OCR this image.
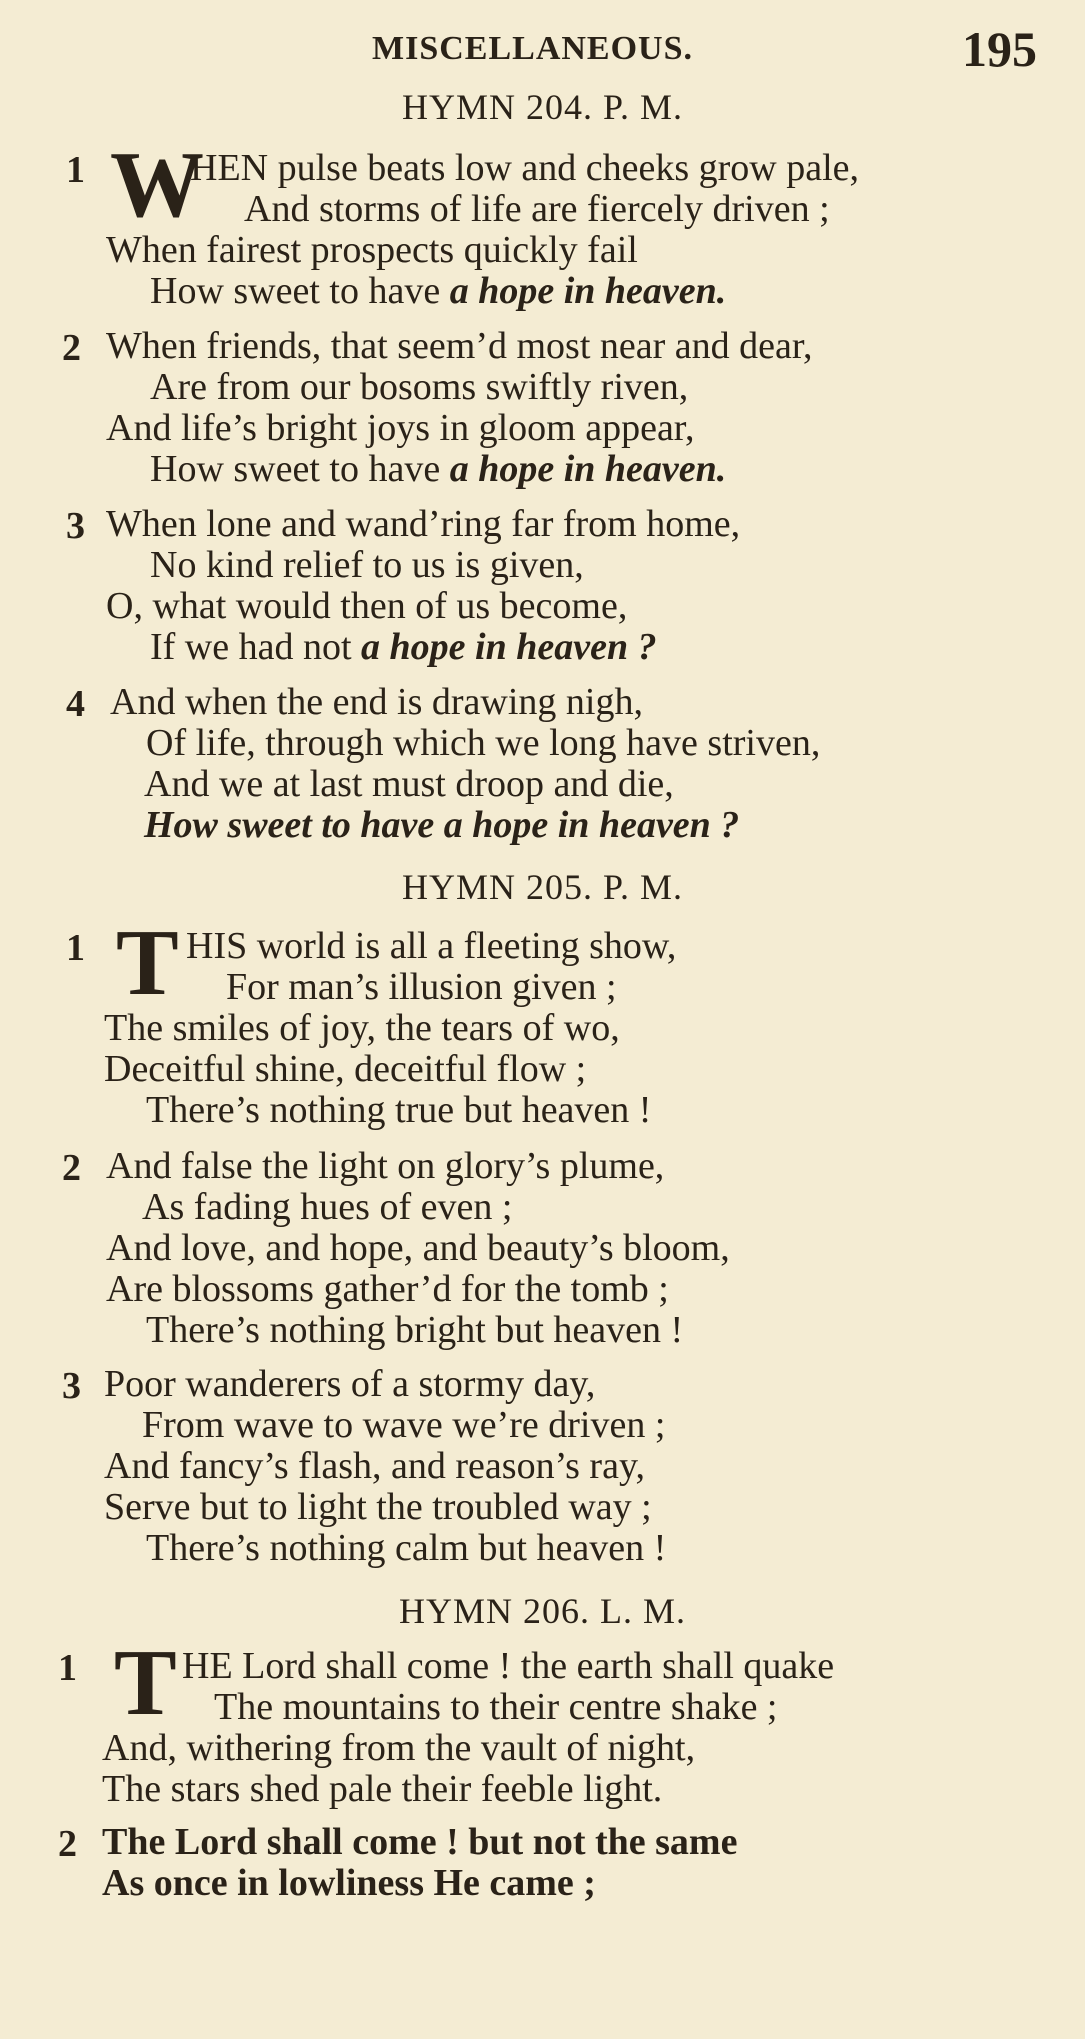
MISCELLANEOUS.	195
HYMN 204. P. M.
1 W
HEN pulse beats low and cheeks grow pale,
And storms of life are fiercely driven ;
When fairest prospects quickly fail
How sweet to have a hope in heaven.
2 When friends, that seem’d most near and dear,
Are from our bosoms swiftly riven,
And life’s bright joys in gloom appear,
How sweet to have a hope in heaven.
3 When lone and wand’ring far from home,
No kind relief to us is given,
O, what would then of us become,
If we had not a hope in heaven ?
4 And when the end is drawing nigh,
Of life, through which we long have striven,
And we at last must droop and die,
How sweet to have a hope in heaven ?
HYMN 205. P. M.
1 T HIS world is all a fleeting show,
For man’s illusion given ;
The smiles of joy, the tears of wo,
Deceitful shine, deceitful flow ;
There’s nothing true but heaven !
2 And false the light on glory’s plume,
As fading hues of even ;
And love, and hope, and beauty’s bloom,
Are blossoms gather’d for the tomb ;
There’s nothing bright but heaven !
3 Poor wanderers of a stormy day,
From wave to wave we’re driven ;
And fancy’s flash, and reason’s ray,
Serve but to light the troubled way ;
There’s nothing calm but heaven !
HYMN 206. L. M.
1 T HE Lord shall come ! the earth shall quake
The mountains to their centre shake ;
And, withering from the vault of night,
The stars shed pale their feeble light.
2 The Lord shall come ! but not the same
As once in lowliness He came ;
